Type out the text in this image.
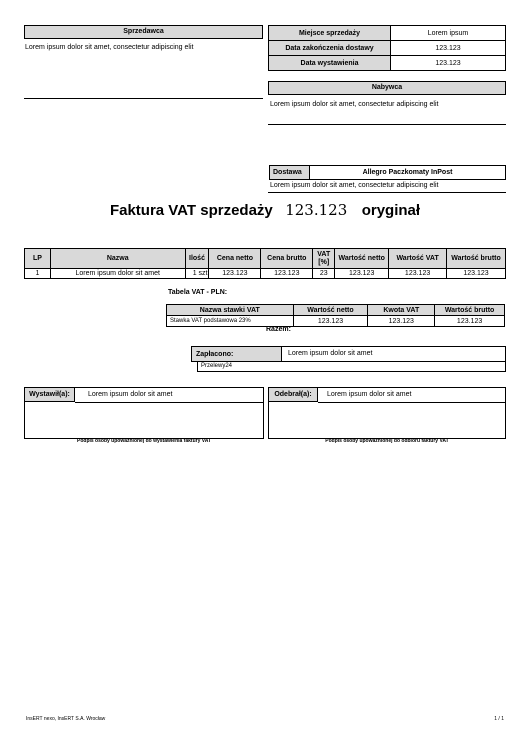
Sprzedawca
Lorem ipsum dolor sit amet, consectetur adipiscing elit
Miejsce sprzedaży	Lorem ipsum
Data zakończenia dostawy	123.123
Data wystawienia	123.123
Nabywca
Lorem ipsum dolor sit amet, consectetur adipiscing elit
Dostawa	Allegro Paczkomaty InPost
Lorem ipsum dolor sit amet, consectetur adipiscing elit
Faktura VAT sprzedaży 123.123 oryginał
LP	Nazwa	Ilość	Cena netto	Cena brutto	VAT [%]	Wartość netto	Wartość VAT	Wartość brutto
1	Lorem ipsum dolor sit amet	1 szt	123.123	123.123	23	123.123	123.123	123.123
Tabela VAT - PLN:
Nazwa stawki VAT	Wartość netto	Kwota VAT	Wartość brutto
Stawka VAT podstawowa 23%	123.123	123.123	123.123
Razem:
Zapłacono:	Lorem ipsum dolor sit amet
Przelewy24
Wystawił(a):	Lorem ipsum dolor sit amet
Podpis osoby upoważnionej do wystawienia faktury VAT
Odebrał(a):	Lorem ipsum dolor sit amet
Podpis osoby upoważnionej do odbioru faktury VAT
InsERT nexo, InsERT S.A. Wrocław	1 / 1
